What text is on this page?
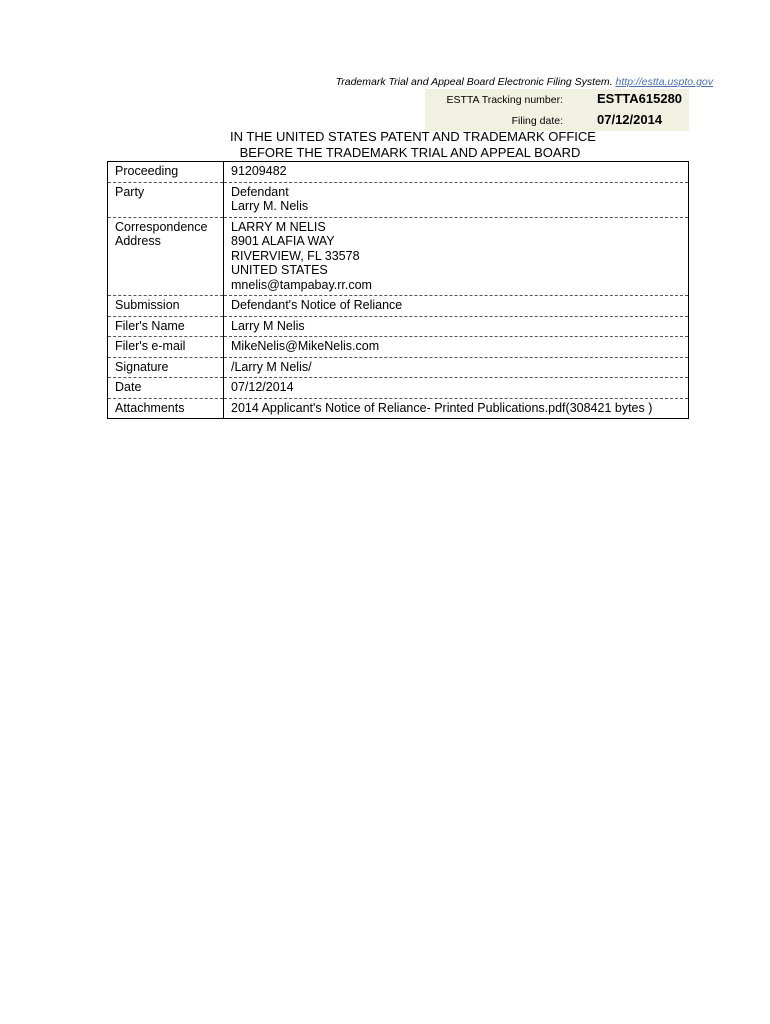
Trademark Trial and Appeal Board Electronic Filing System. http://estta.uspto.gov
ESTTA Tracking number:	ESTTA615280
Filing date:	07/12/2014
IN THE UNITED STATES PATENT AND TRADEMARK OFFICE
BEFORE THE TRADEMARK TRIAL AND APPEAL BOARD
Proceeding	91209482
Party	Defendant
Larry M. Nelis

Correspondence
Address	LARRY M NELIS
8901 ALAFIA WAY
RIVERVIEW, FL 33578
UNITED STATES
mnelis@tampabay.rr.com

Submission	Defendant's Notice of Reliance
Filer's Name	Larry M Nelis
Filer's e-mail	MikeNelis@MikeNelis.com
Signature	/Larry M Nelis/
Date	07/12/2014
Attachments	2014 Applicant's Notice of Reliance- Printed Publications.pdf(308421 bytes )
